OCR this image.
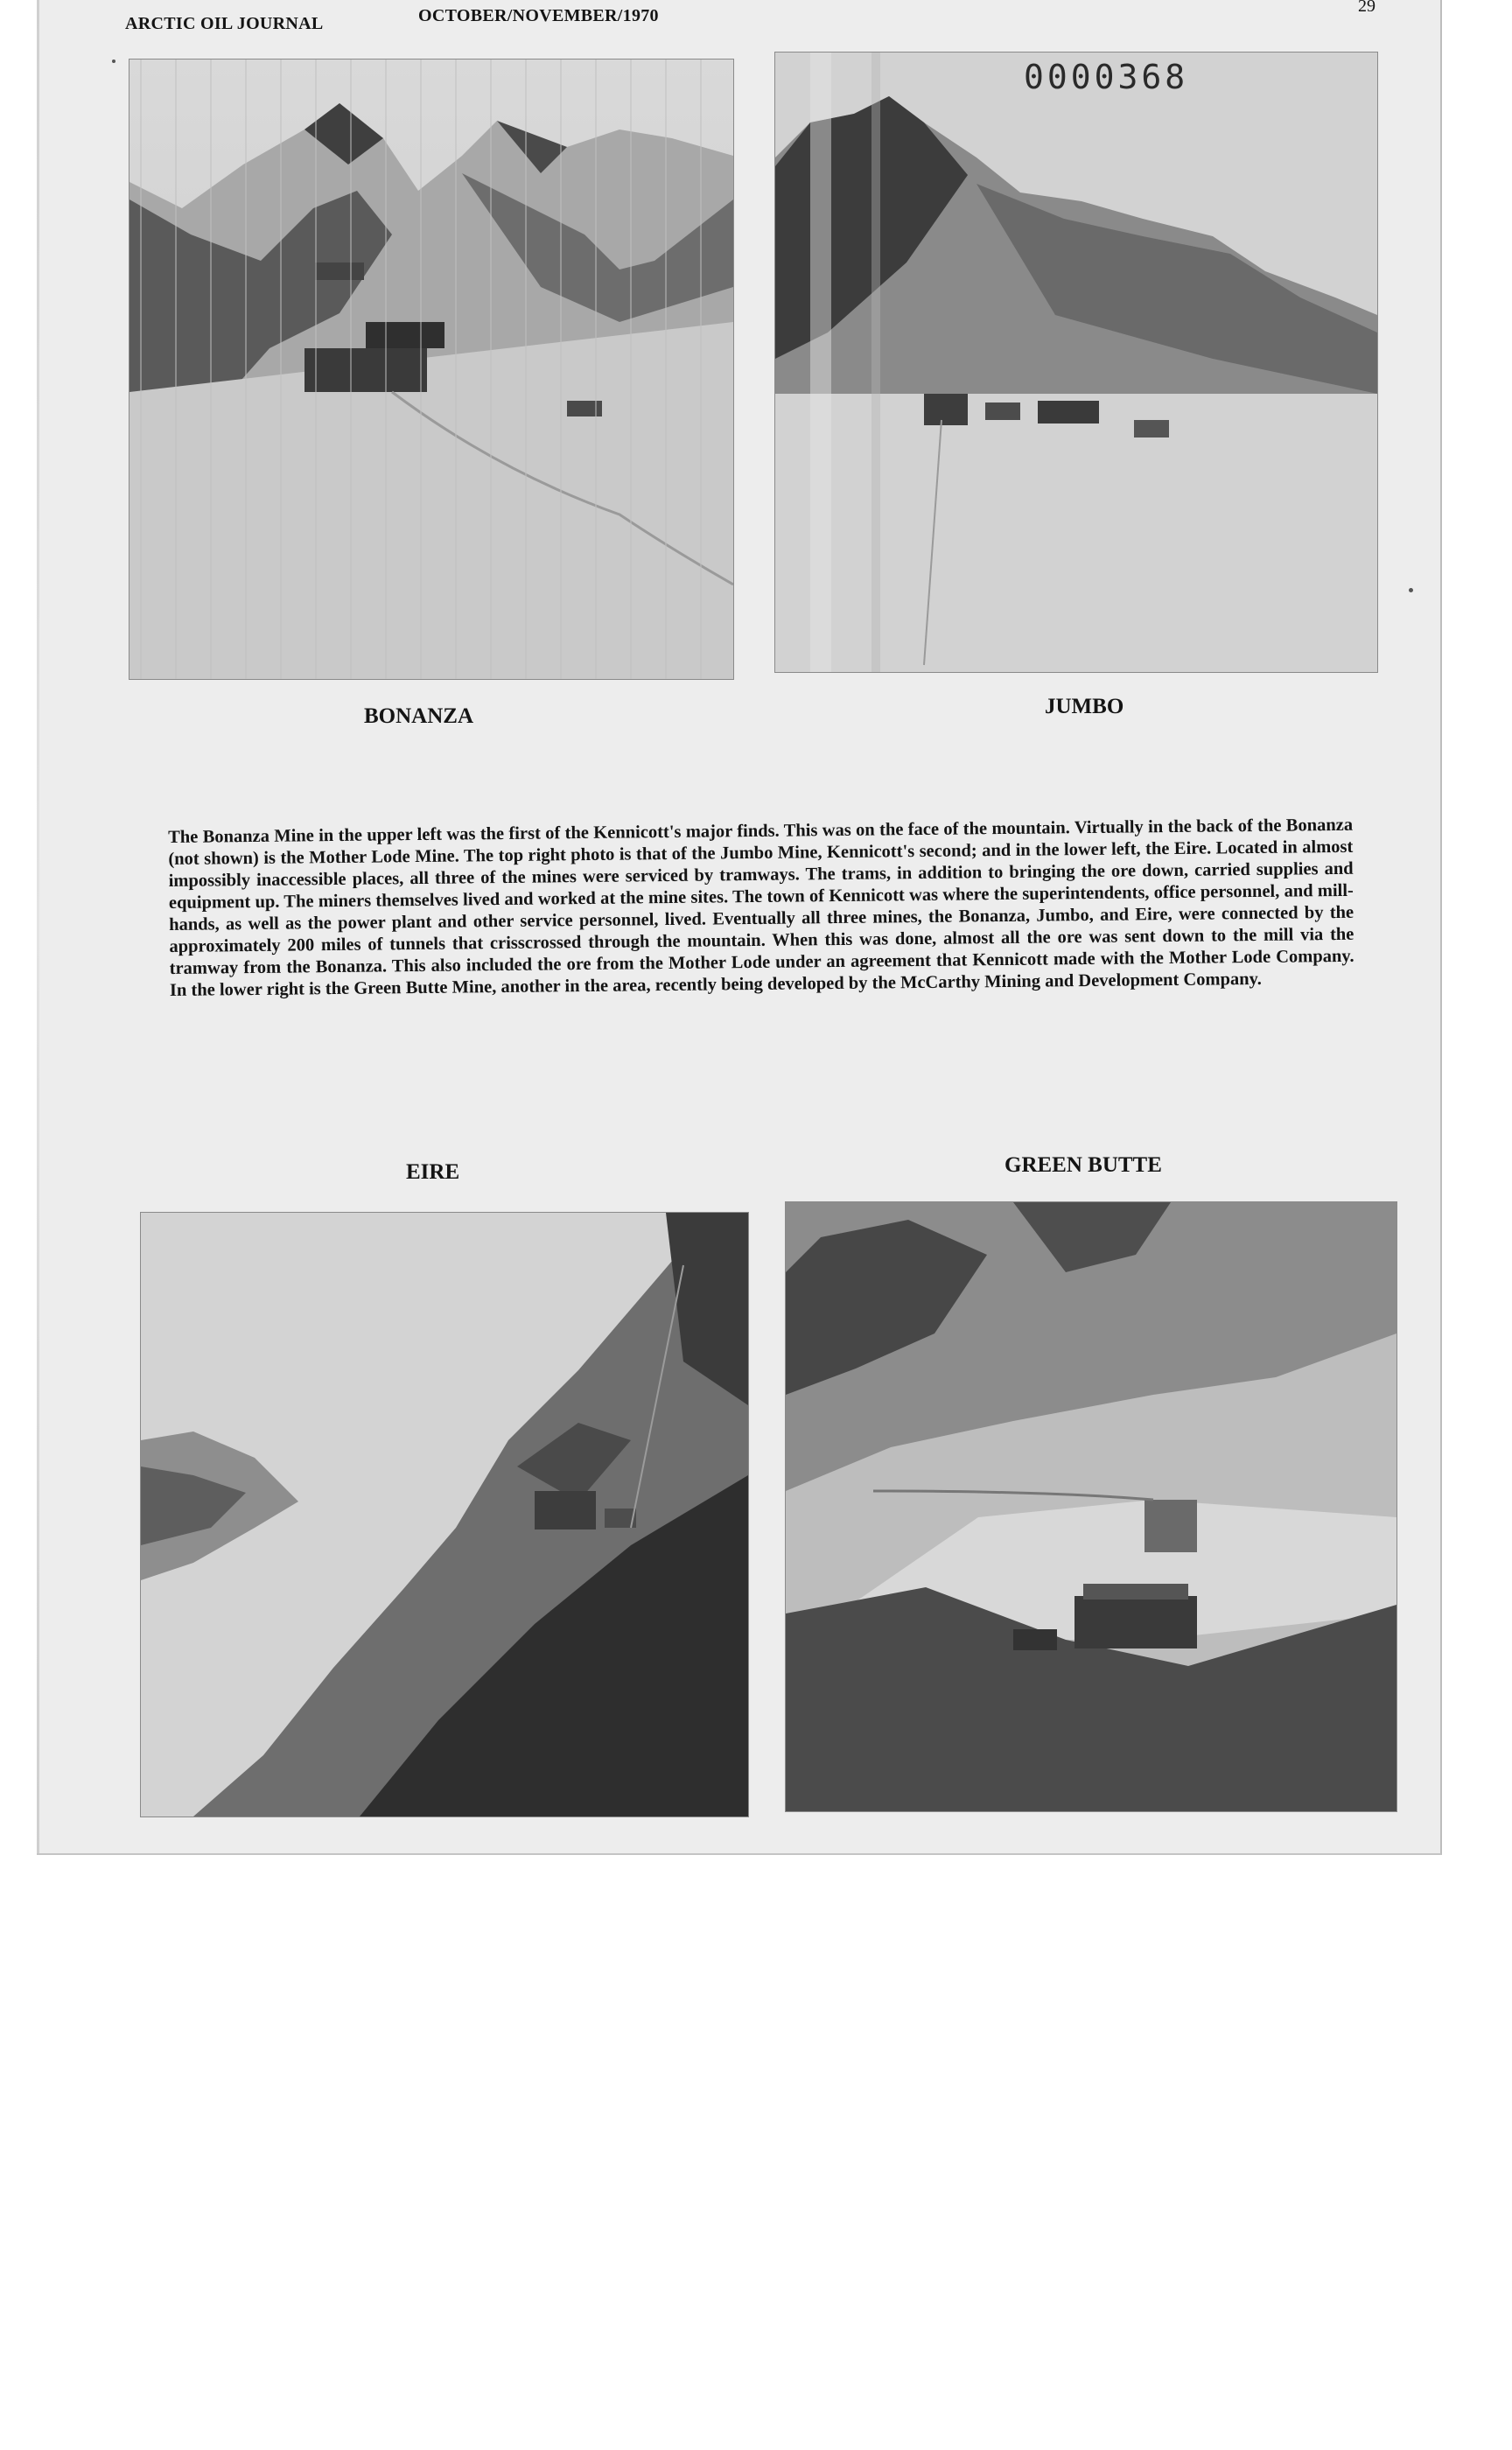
ARCTIC OIL JOURNAL	OCTOBER/NOVEMBER/1970	29
BONANZA
0000368
JUMBO
The Bonanza Mine in the upper left was the first of the Kennicott's major finds. This was on the face of the mountain. Virtually in the back of the Bonanza (not shown) is the Mother Lode Mine. The top right photo is that of the Jumbo Mine, Kennicott's second; and in the lower left, the Eire. Located in almost impossibly inaccessible places, all three of the mines were serviced by tramways. The trams, in addition to bringing the ore down, carried supplies and equipment up. The miners themselves lived and worked at the mine sites. The town of Kennicott was where the superintendents, office personnel, and mill-hands, as well as the power plant and other service personnel, lived. Eventually all three mines, the Bonanza, Jumbo, and Eire, were connected by the approximately 200 miles of tunnels that crisscrossed through the mountain. When this was done, almost all the ore was sent down to the mill via the tramway from the Bonanza. This also included the ore from the Mother Lode under an agreement that Kennicott made with the Mother Lode Company. In the lower right is the Green Butte Mine, another in the area, recently being developed by the McCarthy Mining and Development Company.
EIRE	GREEN BUTTE
